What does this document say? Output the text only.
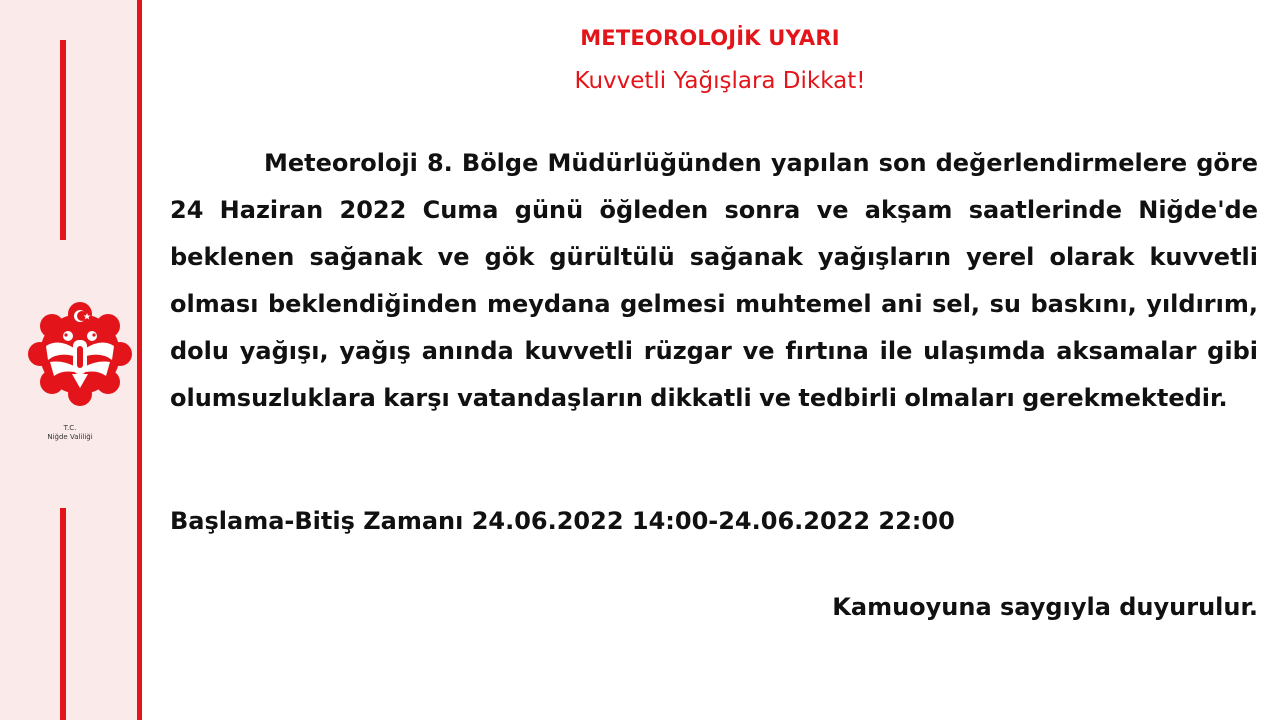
T.C.
Niğde Valiliği
METEOROLOJİK UYARI
Kuvvetli Yağışlara Dikkat!

Meteoroloji 8. Bölge Müdürlüğünden yapılan son değerlendirmelere göre 24 Haziran 2022 Cuma günü öğleden sonra ve akşam saatlerinde Niğde'de beklenen sağanak ve gök gürültülü sağanak yağışların yerel olarak kuvvetli olması beklendiğinden meydana gelmesi muhtemel ani sel, su baskını, yıldırım, dolu yağışı, yağış anında kuvvetli rüzgar ve fırtına ile ulaşımda aksamalar gibi olumsuzluklara karşı vatandaşların dikkatli ve tedbirli olmaları gerekmektedir.

Başlama-Bitiş Zamanı 24.06.2022 14:00-24.06.2022 22:00

Kamuoyuna saygıyla duyurulur.
